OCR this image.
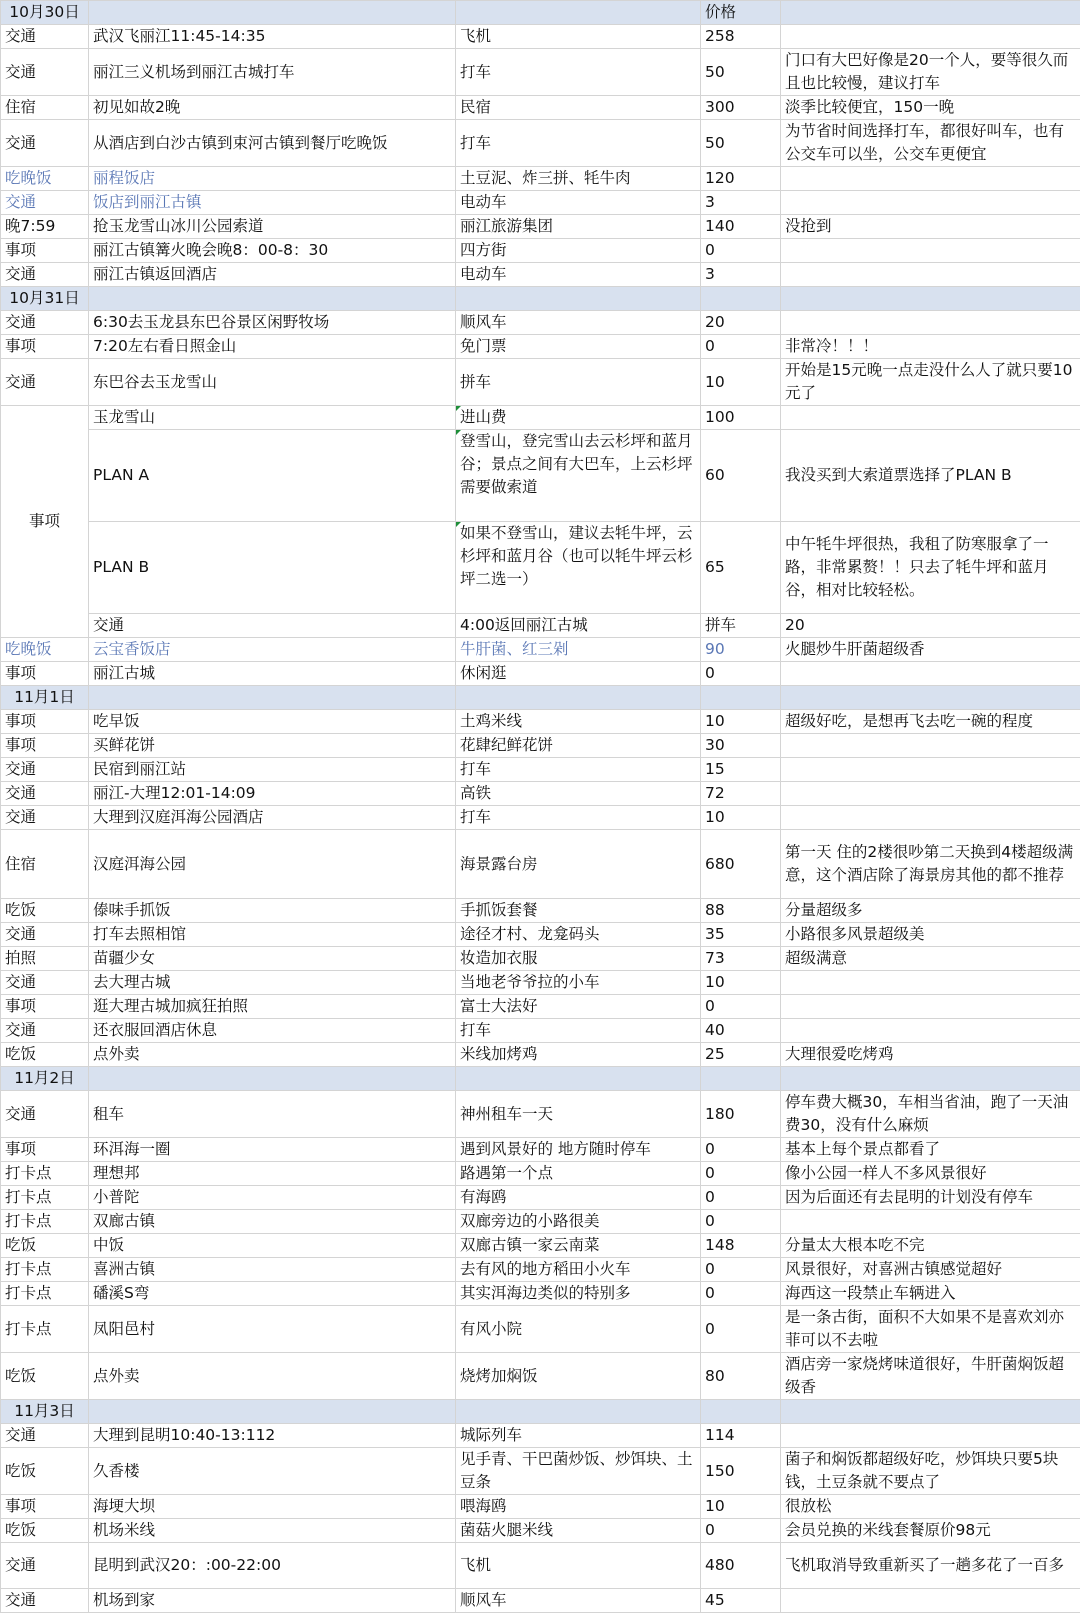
10月30日			价格		
交通	武汉飞丽江11:45-14:35	飞机	258		
交通	丽江三义机场到丽江古城打车	打车	50	门口有大巴好像是20一个人，要等很久而且也比较慢，建议打车	
住宿	初见如故2晚	民宿	300	淡季比较便宜，150一晚	
交通	从酒店到白沙古镇到束河古镇到餐厅吃晚饭	打车	50	为节省时间选择打车，都很好叫车，也有公交车可以坐，公交车更便宜	
吃晚饭	丽程饭店	土豆泥、炸三拼、牦牛肉	120		
交通	饭店到丽江古镇	电动车	3		
晚7:59	抢玉龙雪山冰川公园索道	丽江旅游集团	140	没抢到	
事项	丽江古镇篝火晚会晚8：00-8：30	四方街	0		
交通	丽江古镇返回酒店	电动车	3		
10月31日					
交通	6:30去玉龙县东巴谷景区闲野牧场	顺风车	20		
事项	7:20左右看日照金山	免门票	0	非常冷！！！	
交通	东巴谷去玉龙雪山	拼车	10	开始是15元晚一点走没什么人了就只要10元了	
事项	玉龙雪山	进山费	100		
	PLAN A	登雪山，登完雪山去云杉坪和蓝月谷；景点之间有大巴车，上云杉坪需要做索道	60	我没买到大索道票选择了PLAN B	
	PLAN B	如果不登雪山，建议去牦牛坪，云杉坪和蓝月谷（也可以牦牛坪云杉坪二选一）	65	中午牦牛坪很热，我租了防寒服拿了一路，非常累赘！！只去了牦牛坪和蓝月谷，相对比较轻松。	
	交通	4:00返回丽江古城	拼车	20	
吃晚饭	云宝香饭店	牛肝菌、红三剁	90	火腿炒牛肝菌超级香	
事项	丽江古城	休闲逛	0		
11月1日					
事项	吃早饭	土鸡米线	10	超级好吃，是想再飞去吃一碗的程度	
事项	买鲜花饼	花肆纪鲜花饼	30		
交通	民宿到丽江站	打车	15		
交通	丽江-大理12:01-14:09	高铁	72		
交通	大理到汉庭洱海公园酒店	打车	10		
住宿	汉庭洱海公园	海景露台房	680	第一天 住的2楼很吵第二天换到4楼超级满意，这个酒店除了海景房其他的都不推荐	
吃饭	傣味手抓饭	手抓饭套餐	88	分量超级多	
交通	打车去照相馆	途径才村、龙龛码头	35	小路很多风景超级美	
拍照	苗疆少女	妆造加衣服	73	超级满意	
交通	去大理古城	当地老爷爷拉的小车	10		
事项	逛大理古城加疯狂拍照	富士大法好	0		
交通	还衣服回酒店休息	打车	40		
吃饭	点外卖	米线加烤鸡	25	大理很爱吃烤鸡	
11月2日					
交通	租车	神州租车一天	180	停车费大概30，车相当省油，跑了一天油费30，没有什么麻烦	
事项	环洱海一圈	遇到风景好的 地方随时停车	0	基本上每个景点都看了	
打卡点	理想邦	路遇第一个点	0	像小公园一样人不多风景很好	
打卡点	小普陀	有海鸥	0	因为后面还有去昆明的计划没有停车	
打卡点	双廊古镇	双廊旁边的小路很美	0		
吃饭	中饭	双廊古镇一家云南菜	148	分量太大根本吃不完	
打卡点	喜洲古镇	去有风的地方稻田小火车	0	风景很好，对喜洲古镇感觉超好	
打卡点	磻溪S弯	其实洱海边类似的特别多	0	海西这一段禁止车辆进入	
打卡点	凤阳邑村	有风小院	0	是一条古街，面积不大如果不是喜欢刘亦菲可以不去啦	
吃饭	点外卖	烧烤加焖饭	80	酒店旁一家烧烤味道很好，牛肝菌焖饭超级香	
11月3日					
交通	大理到昆明10:40-13:112	城际列车	114		
吃饭	久香楼	见手青、干巴菌炒饭、炒饵块、土豆条	150	菌子和焖饭都超级好吃，炒饵块只要5块钱，土豆条就不要点了	
事项	海埂大坝	喂海鸥	10	很放松	
吃饭	机场米线	菌菇火腿米线	0	会员兑换的米线套餐原价98元	
交通	昆明到武汉20：:00-22:00	飞机	480	飞机取消导致重新买了一趟多花了一百多	
交通	机场到家	顺风车	45		
